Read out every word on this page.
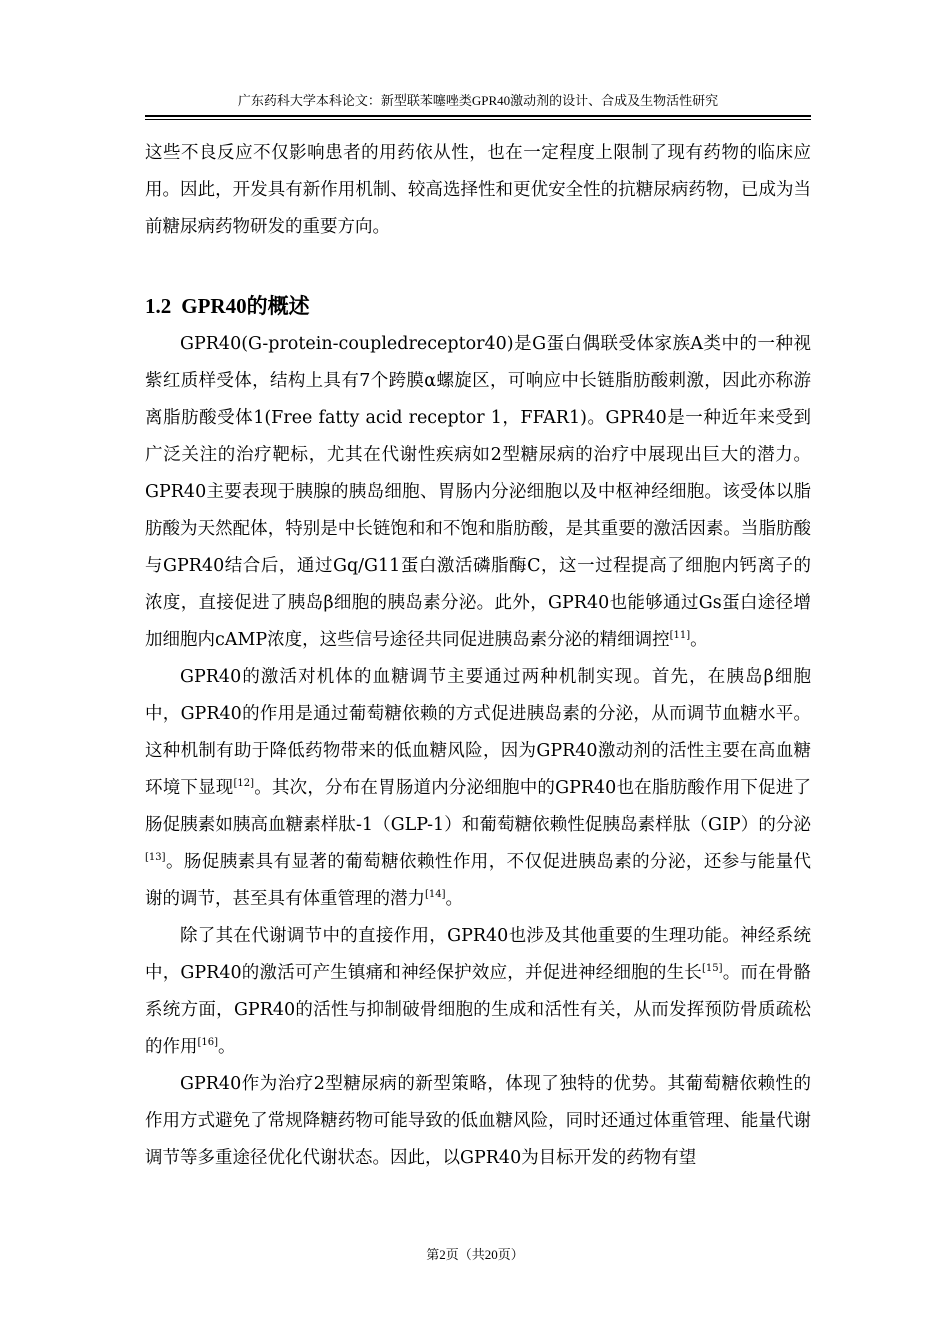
广东药科大学本科论文：新型联苯噻唑类GPR40激动剂的设计、合成及生物活性研究

这些不良反应不仅影响患者的用药依从性，也在一定程度上限制了现有药物的临床应用。因此，开发具有新作用机制、较高选择性和更优安全性的抗糖尿病药物，已成为当前糖尿病药物研发的重要方向。

1.2 GPR40的概述

GPR40(G-protein-coupledreceptor40)是G蛋白偶联受体家族A类中的一种视紫红质样受体，结构上具有7个跨膜α螺旋区，可响应中长链脂肪酸刺激，因此亦称游离脂肪酸受体1(Free fatty acid receptor 1，FFAR1)。GPR40是一种近年来受到广泛关注的治疗靶标，尤其在代谢性疾病如2型糖尿病的治疗中展现出巨大的潜力。GPR40主要表现于胰腺的胰岛细胞、胃肠内分泌细胞以及中枢神经细胞。该受体以脂肪酸为天然配体，特别是中长链饱和和不饱和脂肪酸，是其重要的激活因素。当脂肪酸与GPR40结合后，通过Gq/G11蛋白激活磷脂酶C，这一过程提高了细胞内钙离子的浓度，直接促进了胰岛β细胞的胰岛素分泌。此外，GPR40也能够通过Gs蛋白途径增加细胞内cAMP浓度，这些信号途径共同促进胰岛素分泌的精细调控[11]。

GPR40的激活对机体的血糖调节主要通过两种机制实现。首先，在胰岛β细胞中，GPR40的作用是通过葡萄糖依赖的方式促进胰岛素的分泌，从而调节血糖水平。这种机制有助于降低药物带来的低血糖风险，因为GPR40激动剂的活性主要在高血糖环境下显现[12]。其次，分布在胃肠道内分泌细胞中的GPR40也在脂肪酸作用下促进了肠促胰素如胰高血糖素样肽-1（GLP-1）和葡萄糖依赖性促胰岛素样肽（GIP）的分泌[13]。肠促胰素具有显著的葡萄糖依赖性作用，不仅促进胰岛素的分泌，还参与能量代谢的调节，甚至具有体重管理的潜力[14]。

除了其在代谢调节中的直接作用，GPR40也涉及其他重要的生理功能。神经系统中，GPR40的激活可产生镇痛和神经保护效应，并促进神经细胞的生长[15]。而在骨骼系统方面，GPR40的活性与抑制破骨细胞的生成和活性有关，从而发挥预防骨质疏松的作用[16]。

GPR40作为治疗2型糖尿病的新型策略，体现了独特的优势。其葡萄糖依赖性的作用方式避免了常规降糖药物可能导致的低血糖风险，同时还通过体重管理、能量代谢调节等多重途径优化代谢状态。因此，以GPR40为目标开发的药物有望

第2页（共20页）
